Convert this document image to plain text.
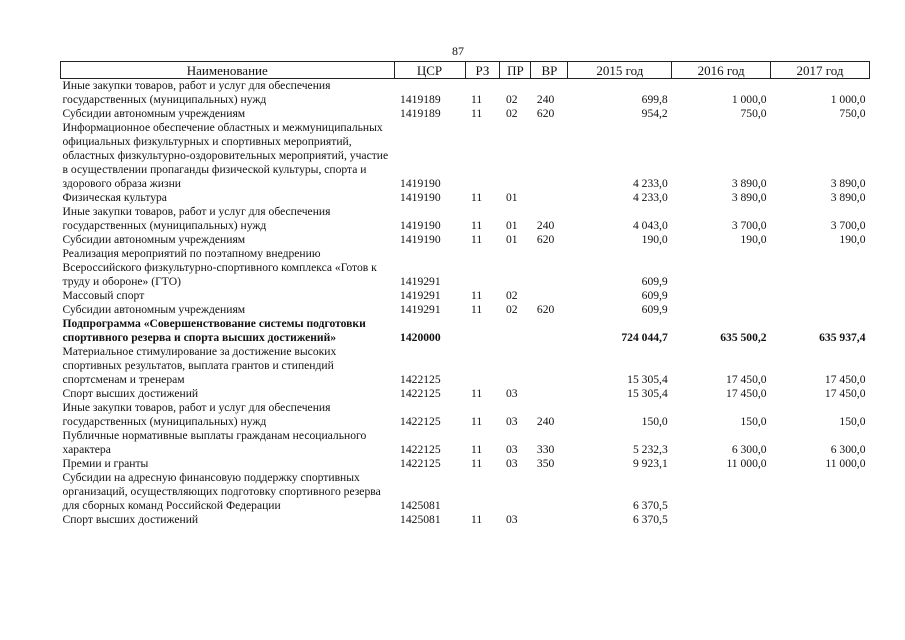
87
Наименование	ЦСР	РЗ	ПР	ВР	2015 год	2016 год	2017 год
Иные закупки товаров, работ и услуг для обеспечения государственных (муниципальных) нужд	1419189	11	02	240	699,8	1 000,0	1 000,0
Субсидии автономным учреждениям	1419189	11	02	620	954,2	750,0	750,0
Информационное обеспечение областных и межмуниципальных официальных физкультурных и спортивных мероприятий, областных физкультурно-оздоровительных мероприятий, участие в осуществлении пропаганды физической культуры, спорта и здорового образа жизни	1419190				4 233,0	3 890,0	3 890,0
Физическая культура	1419190	11	01		4 233,0	3 890,0	3 890,0
Иные закупки товаров, работ и услуг для обеспечения государственных (муниципальных) нужд	1419190	11	01	240	4 043,0	3 700,0	3 700,0
Субсидии автономным учреждениям	1419190	11	01	620	190,0	190,0	190,0
Реализация мероприятий по поэтапному внедрению Всероссийского физкультурно-спортивного комплекса «Готов к труду и обороне» (ГТО)	1419291				609,9		
Массовый спорт	1419291	11	02		609,9		
Субсидии автономным учреждениям	1419291	11	02	620	609,9		
Подпрограмма «Совершенствование системы подготовки спортивного резерва и спорта высших достижений»	1420000				724 044,7	635 500,2	635 937,4
Материальное стимулирование за достижение высоких спортивных результатов, выплата грантов и стипендий спортсменам и тренерам	1422125				15 305,4	17 450,0	17 450,0
Спорт высших достижений	1422125	11	03		15 305,4	17 450,0	17 450,0
Иные закупки товаров, работ и услуг для обеспечения государственных (муниципальных) нужд	1422125	11	03	240	150,0	150,0	150,0
Публичные нормативные выплаты гражданам несоциального характера	1422125	11	03	330	5 232,3	6 300,0	6 300,0
Премии и гранты	1422125	11	03	350	9 923,1	11 000,0	11 000,0
Субсидии на адресную финансовую поддержку спортивных организаций, осуществляющих подготовку спортивного резерва для сборных команд Российской Федерации	1425081				6 370,5		
Спорт высших достижений	1425081	11	03		6 370,5		
